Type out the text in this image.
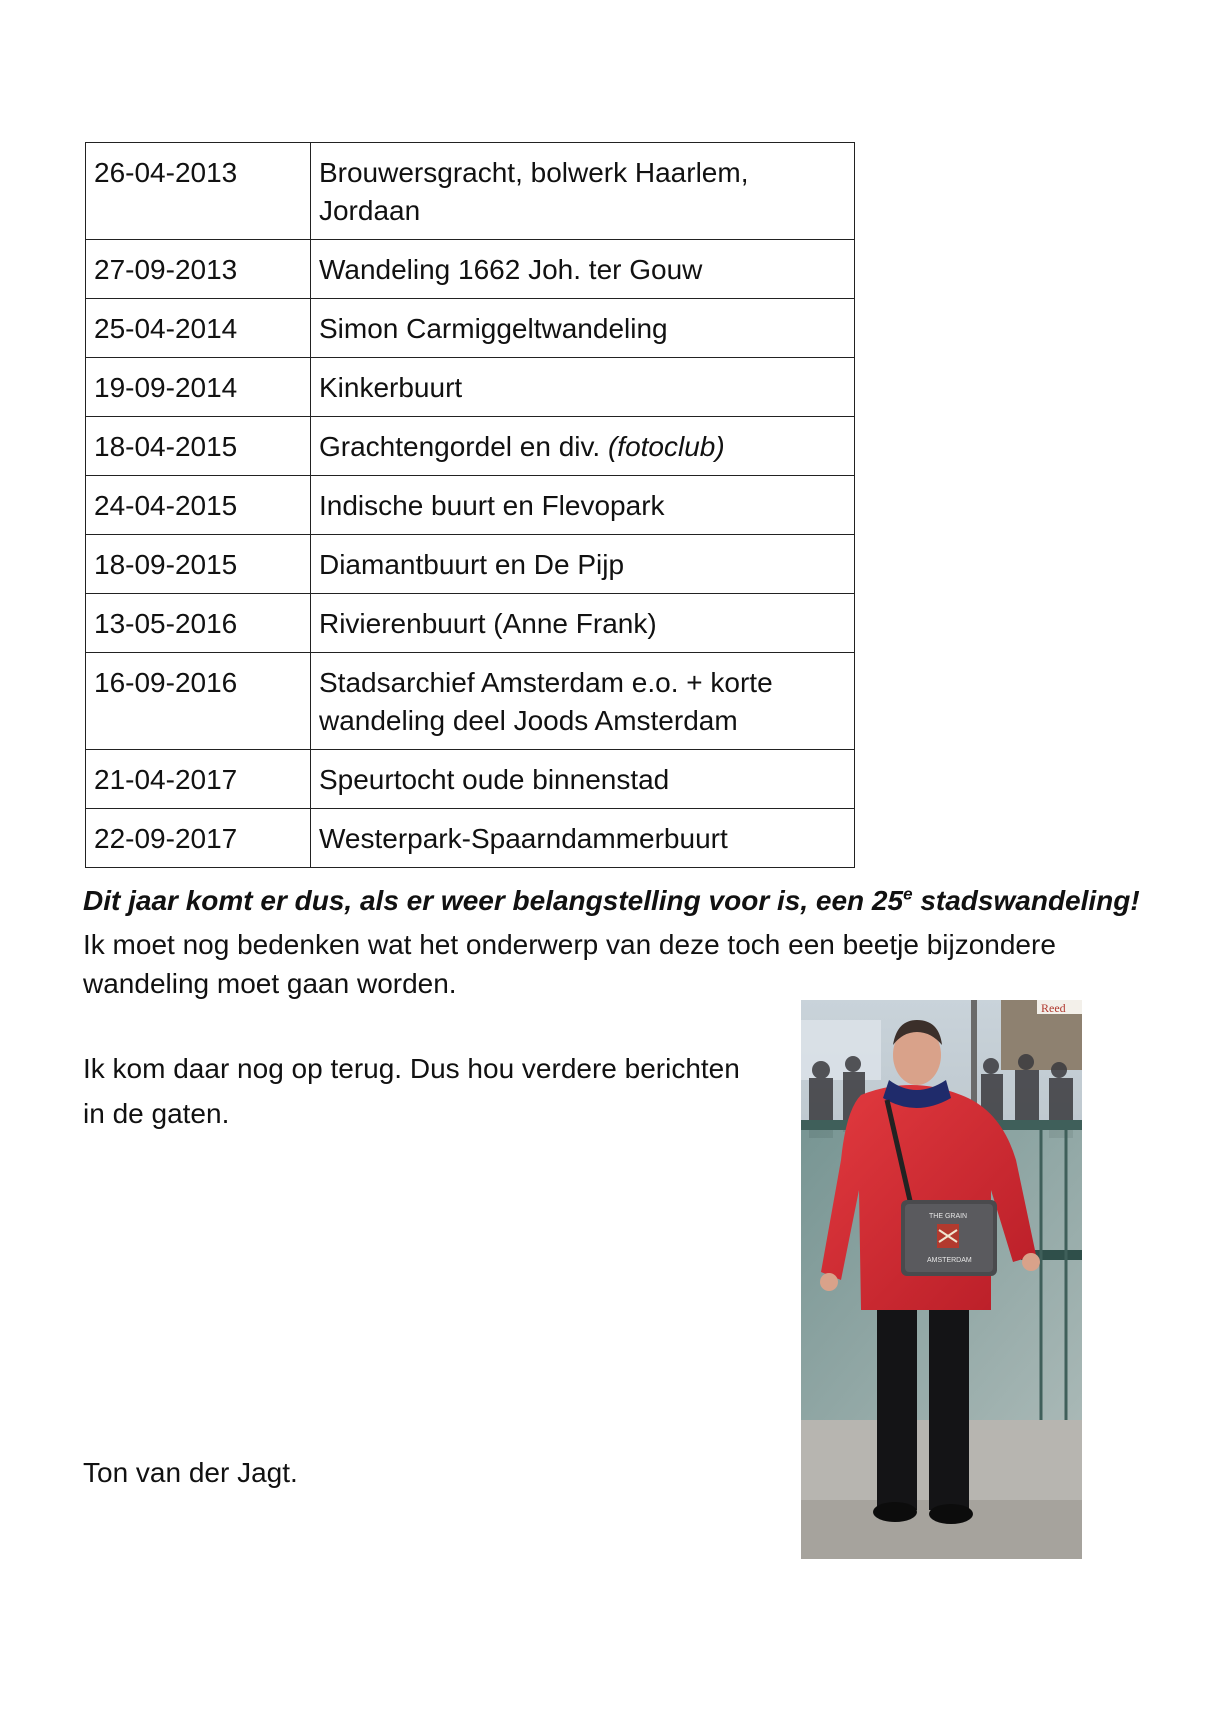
26-04-2013	Brouwersgracht, bolwerk Haarlem,
Jordaan
27-09-2013	Wandeling 1662 Joh. ter Gouw
25-04-2014	Simon Carmiggeltwandeling
19-09-2014	Kinkerbuurt
18-04-2015	Grachtengordel en div. (fotoclub)
24-04-2015	Indische buurt en Flevopark
18-09-2015	Diamantbuurt en De Pijp
13-05-2016	Rivierenbuurt (Anne Frank)
16-09-2016	Stadsarchief Amsterdam e.o. + korte
wandeling deel Joods Amsterdam
21-04-2017	Speurtocht oude binnenstad
22-09-2017	Westerpark-Spaarndammerbuurt
Dit jaar komt er dus, als er weer belangstelling voor is, een 25e stadswandeling!
Ik moet nog bedenken wat het onderwerp van deze toch een beetje bijzondere
wandeling moet gaan worden.
Ik kom daar nog op terug. Dus hou verdere berichten
in de gaten.
Ton van der Jagt.
Reed
THE GRAIN
AMSTERDAM
